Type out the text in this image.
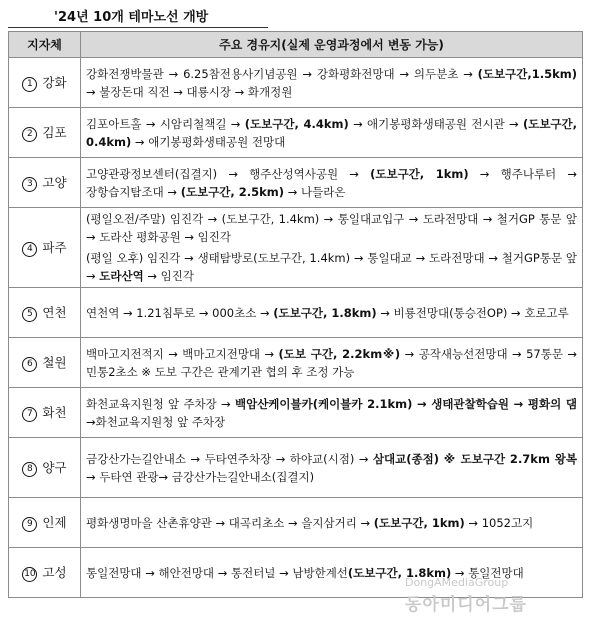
'24년 10개 테마노선 개방
지자체	주요 경유지(실제 운영과정에서 변동 가능)
1 강화	강화전쟁박물관 → 6.25참전용사기념공원 → 강화평화전망대 → 의두분초 → (도보구간,1.5km) → 불장돈대 직전 → 대룡시장 → 화개정원
2 김포	김포아트홀 → 시암리철책길 → (도보구간, 4.4km) → 애기봉평화생태공원 전시관 → (도보구간, 0.4km) → 애기봉평화생태공원 전망대
3 고양	고양관광정보센터(집결지) → 행주산성역사공원 → (도보구간, 1km) → 행주나루터 → 장항습지탐조대 → (도보구간, 2.5km) → 나들라온
4 파주	(평일오전/주말) 임진각 → (도보구간, 1.4km) → 통일대교입구 → 도라전망대 → 철거GP 통문 앞 → 도라산 평화공원 → 임진각
(평일 오후) 임진각 → 생태탐방로(도보구간, 1.4km) → 통일대교 → 도라전망대 → 철거GP통문 앞 → 도라산역 → 임진각

5 연천	연천역 → 1.21침투로 → 000초소 → (도보구간, 1.8km) → 비룡전망대(통승전OP) → 호로고루
6 철원	백마고지전적지 → 백마고지전망대 → (도보 구간, 2.2km※) → 공작새능선전망대 → 57통문 → 민통2초소 ※ 도보 구간은 관계기관 협의 후 조정 가능
7 화천	화천교육지원청 앞 주차장 → 백암산케이블카(케이블카 2.1km) → 생태관찰학습원 → 평화의 댐 →화천교육지원청 앞 주차장
8 양구	금강산가는길안내소 → 두타연주차장 → 하야교(시점) → 삼대교(종점) ※ 도보구간 2.7km 왕복 → 두타연 관광→ 금강산가는길안내소(집결지)
9 인제	평화생명마을 산촌휴양관 → 대곡리초소 → 을지삼거리 → (도보구간, 1km) → 1052고지
10 고성	통일전망대 → 해안전망대 → 통전터널 → 남방한계선(도보구간, 1.8km) → 통일전망대
DongAMediaGroup
동아미디어그룹
